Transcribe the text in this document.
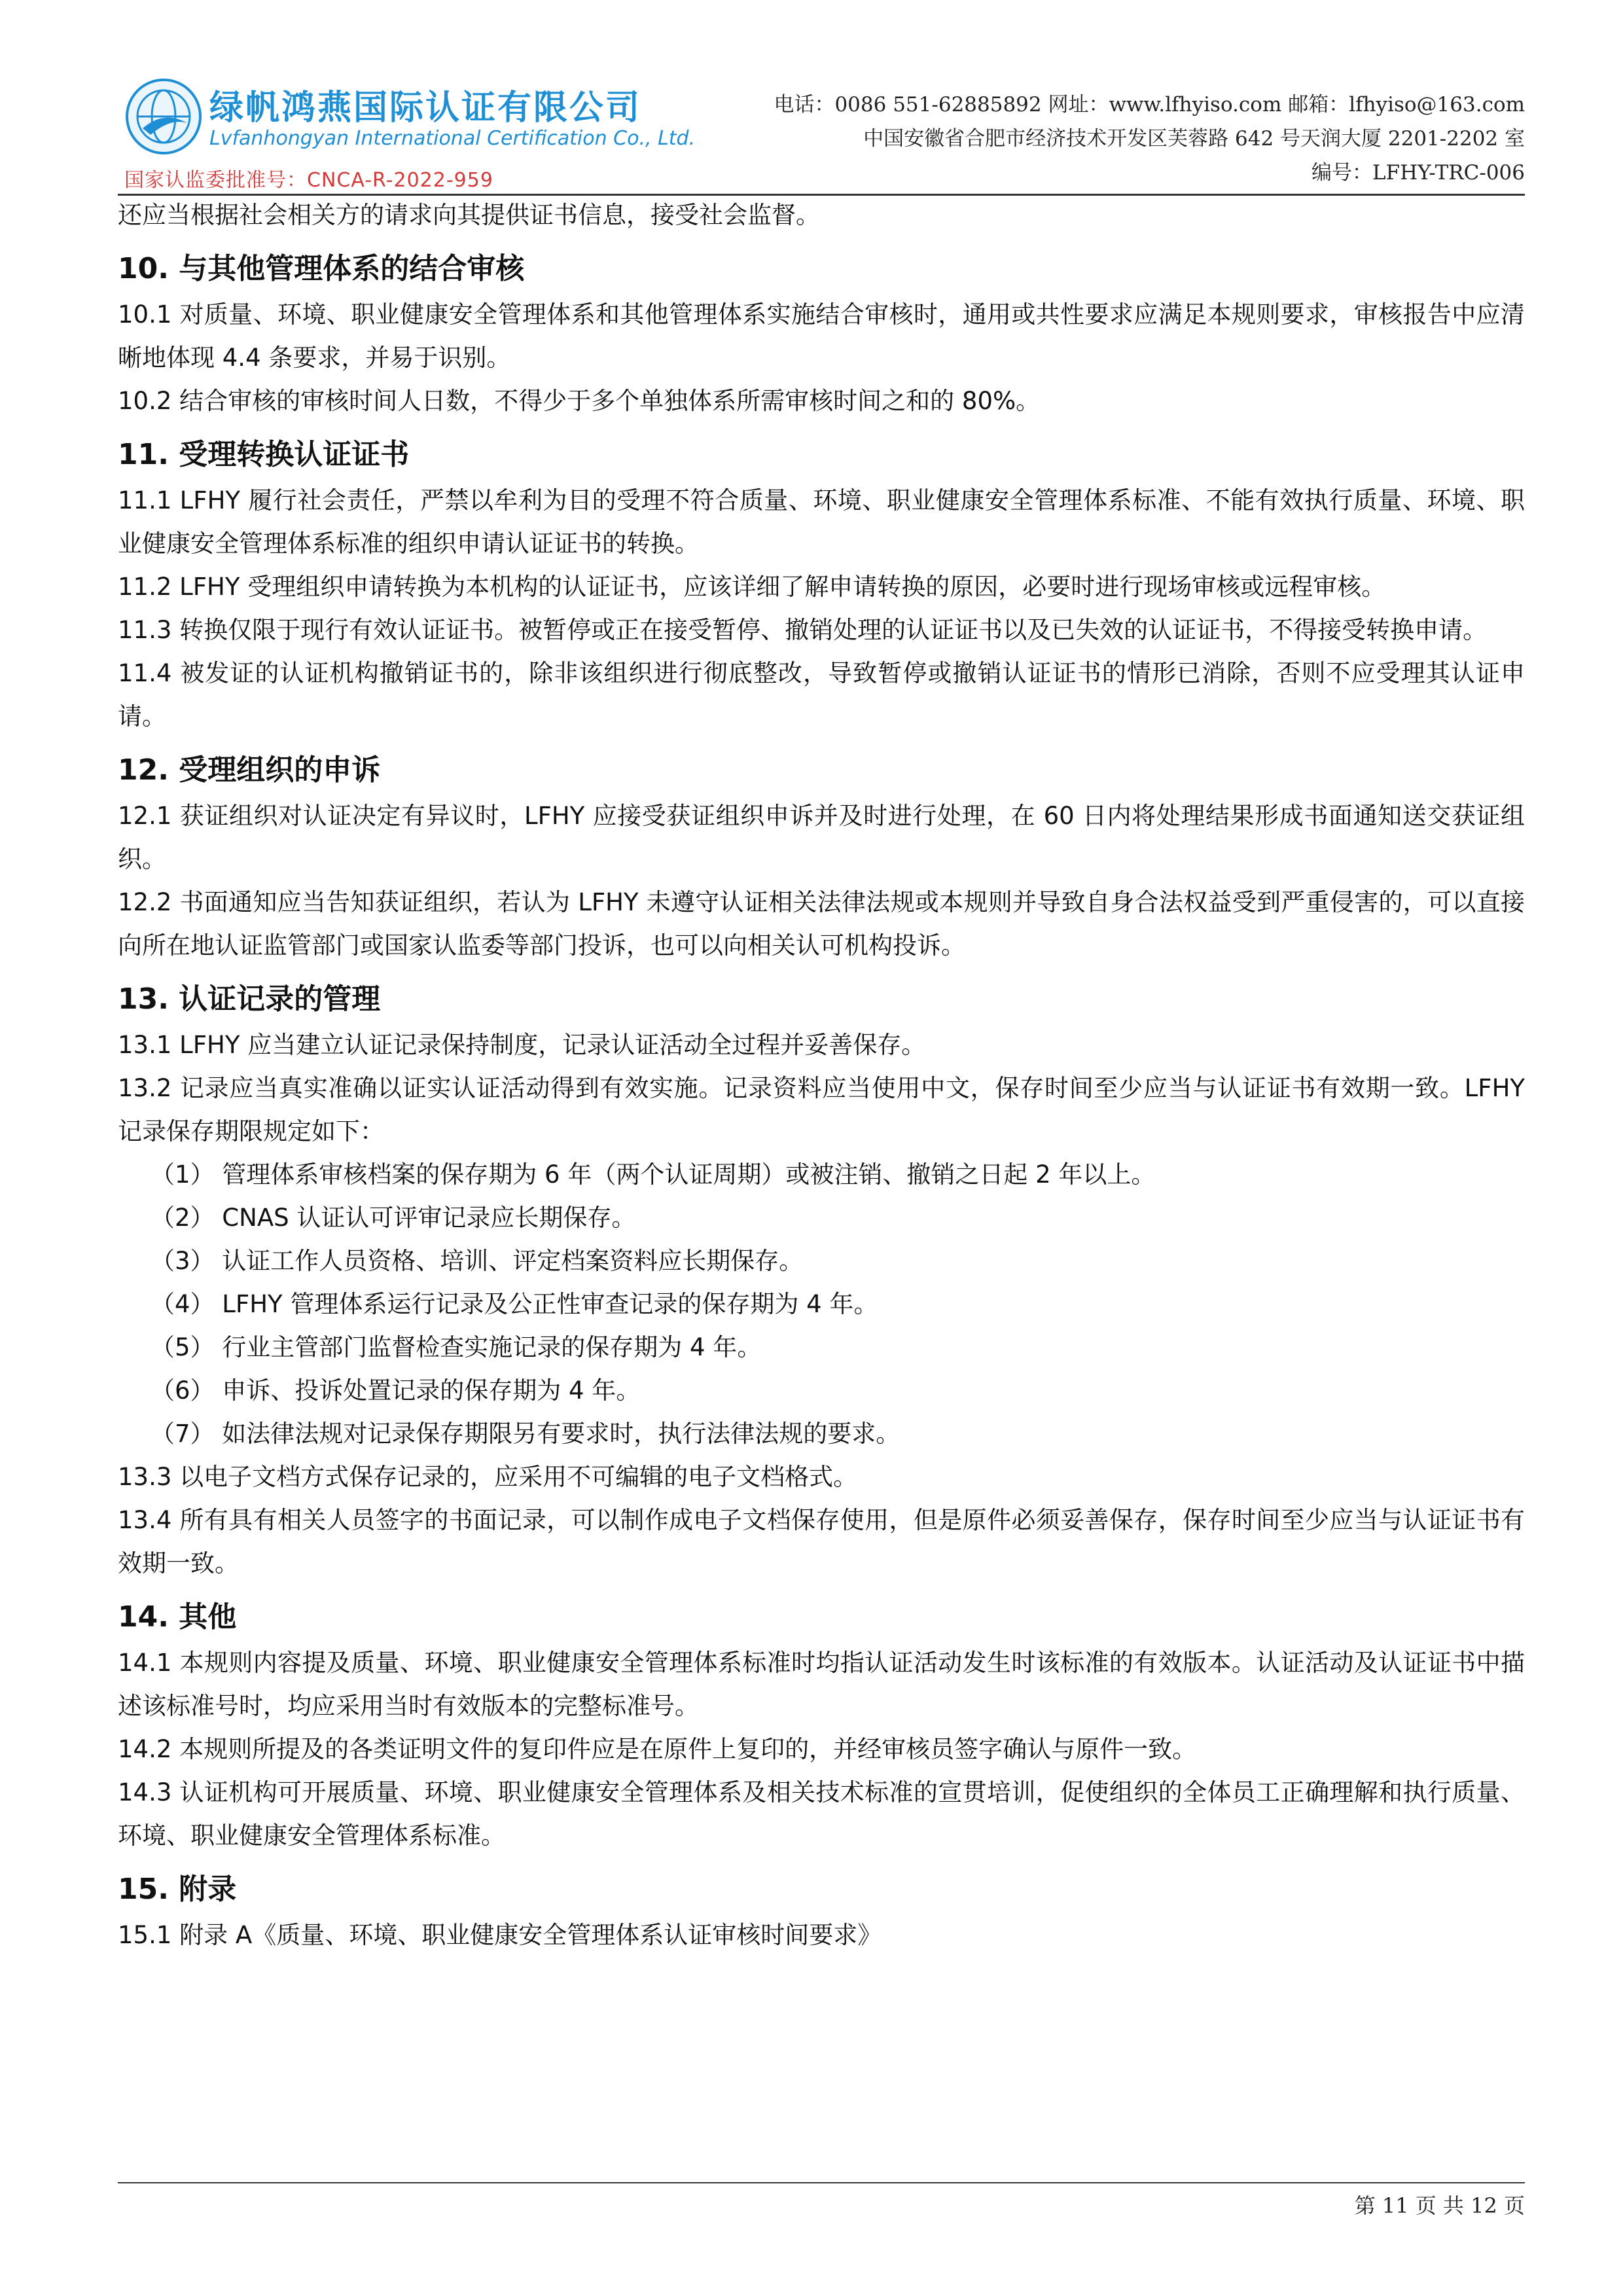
绿帆鸿燕国际认证有限公司
Lvfanhongyan International Certification Co., Ltd.
国家认监委批准号：CNCA-R-2022-959
电话：0086 551-62885892 网址：www.lfhyiso.com 邮箱：lfhyiso@163.com
中国安徽省合肥市经济技术开发区芙蓉路 642 号天润大厦 2201-2202 室
编号：LFHY-TRC-006

还应当根据社会相关方的请求向其提供证书信息，接受社会监督。

10. 与其他管理体系的结合审核

10.1 对质量、环境、职业健康安全管理体系和其他管理体系实施结合审核时，通用或共性要求应满足本规则要求，审核报告中应清晰地体现 4.4 条要求，并易于识别。

10.2 结合审核的审核时间人日数，不得少于多个单独体系所需审核时间之和的 80%。

11. 受理转换认证证书

11.1 LFHY 履行社会责任，严禁以牟利为目的受理不符合质量、环境、职业健康安全管理体系标准、不能有效执行质量、环境、职业健康安全管理体系标准的组织申请认证证书的转换。

11.2 LFHY 受理组织申请转换为本机构的认证证书，应该详细了解申请转换的原因，必要时进行现场审核或远程审核。

11.3 转换仅限于现行有效认证证书。被暂停或正在接受暂停、撤销处理的认证证书以及已失效的认证证书，不得接受转换申请。

11.4 被发证的认证机构撤销证书的，除非该组织进行彻底整改，导致暂停或撤销认证证书的情形已消除，否则不应受理其认证申请。

12. 受理组织的申诉

12.1 获证组织对认证决定有异议时，LFHY 应接受获证组织申诉并及时进行处理，在 60 日内将处理结果形成书面通知送交获证组织。

12.2 书面通知应当告知获证组织，若认为 LFHY 未遵守认证相关法律法规或本规则并导致自身合法权益受到严重侵害的，可以直接向所在地认证监管部门或国家认监委等部门投诉，也可以向相关认可机构投诉。

13. 认证记录的管理

13.1 LFHY 应当建立认证记录保持制度，记录认证活动全过程并妥善保存。

13.2 记录应当真实准确以证实认证活动得到有效实施。记录资料应当使用中文，保存时间至少应当与认证证书有效期一致。LFHY 记录保存期限规定如下：

（1） 管理体系审核档案的保存期为 6 年（两个认证周期）或被注销、撤销之日起 2 年以上。

（2） CNAS 认证认可评审记录应长期保存。

（3） 认证工作人员资格、培训、评定档案资料应长期保存。

（4） LFHY 管理体系运行记录及公正性审查记录的保存期为 4 年。

（5） 行业主管部门监督检查实施记录的保存期为 4 年。

（6） 申诉、投诉处置记录的保存期为 4 年。

（7） 如法律法规对记录保存期限另有要求时，执行法律法规的要求。

13.3 以电子文档方式保存记录的，应采用不可编辑的电子文档格式。

13.4 所有具有相关人员签字的书面记录，可以制作成电子文档保存使用，但是原件必须妥善保存，保存时间至少应当与认证证书有效期一致。

14. 其他

14.1 本规则内容提及质量、环境、职业健康安全管理体系标准时均指认证活动发生时该标准的有效版本。认证活动及认证证书中描述该标准号时，均应采用当时有效版本的完整标准号。

14.2 本规则所提及的各类证明文件的复印件应是在原件上复印的，并经审核员签字确认与原件一致。

14.3 认证机构可开展质量、环境、职业健康安全管理体系及相关技术标准的宣贯培训，促使组织的全体员工正确理解和执行质量、环境、职业健康安全管理体系标准。

15. 附录

15.1 附录 A《质量、环境、职业健康安全管理体系认证审核时间要求》

第 11 页 共 12 页
